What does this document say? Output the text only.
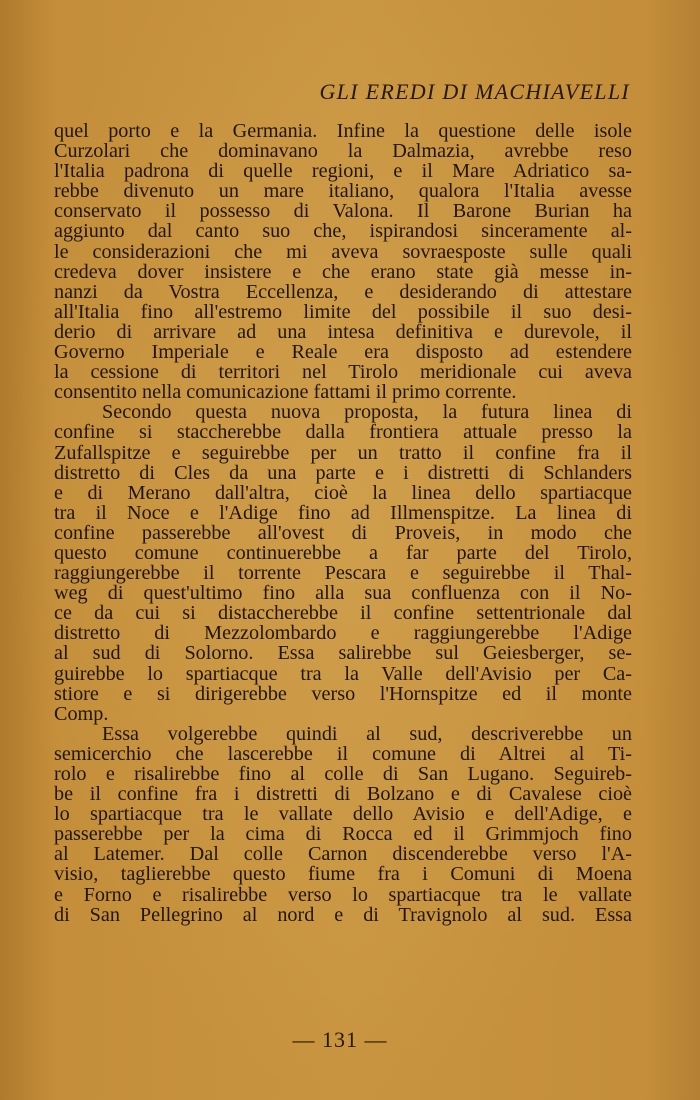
GLI EREDI DI MACHIAVELLI
quel porto e la Germania. Infine la questione delle isole
Curzolari che dominavano la Dalmazia, avrebbe reso
l'Italia padrona di quelle regioni, e il Mare Adriatico sa-
rebbe divenuto un mare italiano, qualora l'Italia avesse
conservato il possesso di Valona. Il Barone Burian ha
aggiunto dal canto suo che, ispirandosi sinceramente al-
le considerazioni che mi aveva sovraesposte sulle quali
credeva dover insistere e che erano state già messe in-
nanzi da Vostra Eccellenza, e desiderando di attestare
all'Italia fino all'estremo limite del possibile il suo desi-
derio di arrivare ad una intesa definitiva e durevole, il
Governo Imperiale e Reale era disposto ad estendere
la cessione di territori nel Tirolo meridionale cui aveva
consentito nella comunicazione fattami il primo corrente.
Secondo questa nuova proposta, la futura linea di
confine si staccherebbe dalla frontiera attuale presso la
Zufallspitze e seguirebbe per un tratto il confine fra il
distretto di Cles da una parte e i distretti di Schlanders
e di Merano dall'altra, cioè la linea dello spartiacque
tra il Noce e l'Adige fino ad Illmenspitze. La linea di
confine passerebbe all'ovest di Proveis, in modo che
questo comune continuerebbe a far parte del Tirolo,
raggiungerebbe il torrente Pescara e seguirebbe il Thal-
weg di quest'ultimo fino alla sua confluenza con il No-
ce da cui si distaccherebbe il confine settentrionale dal
distretto di Mezzolombardo e raggiungerebbe l'Adige
al sud di Solorno. Essa salirebbe sul Geiesberger, se-
guirebbe lo spartiacque tra la Valle dell'Avisio per Ca-
stiore e si dirigerebbe verso l'Hornspitze ed il monte
Comp.
Essa volgerebbe quindi al sud, descriverebbe un
semicerchio che lascerebbe il comune di Altrei al Ti-
rolo e risalirebbe fino al colle di San Lugano. Seguireb-
be il confine fra i distretti di Bolzano e di Cavalese cioè
lo spartiacque tra le vallate dello Avisio e dell'Adige, e
passerebbe per la cima di Rocca ed il Grimmjoch fino
al Latemer. Dal colle Carnon discenderebbe verso l'A-
visio, taglierebbe questo fiume fra i Comuni di Moena
e Forno e risalirebbe verso lo spartiacque tra le vallate
di San Pellegrino al nord e di Travignolo al sud. Essa
— 131 —
